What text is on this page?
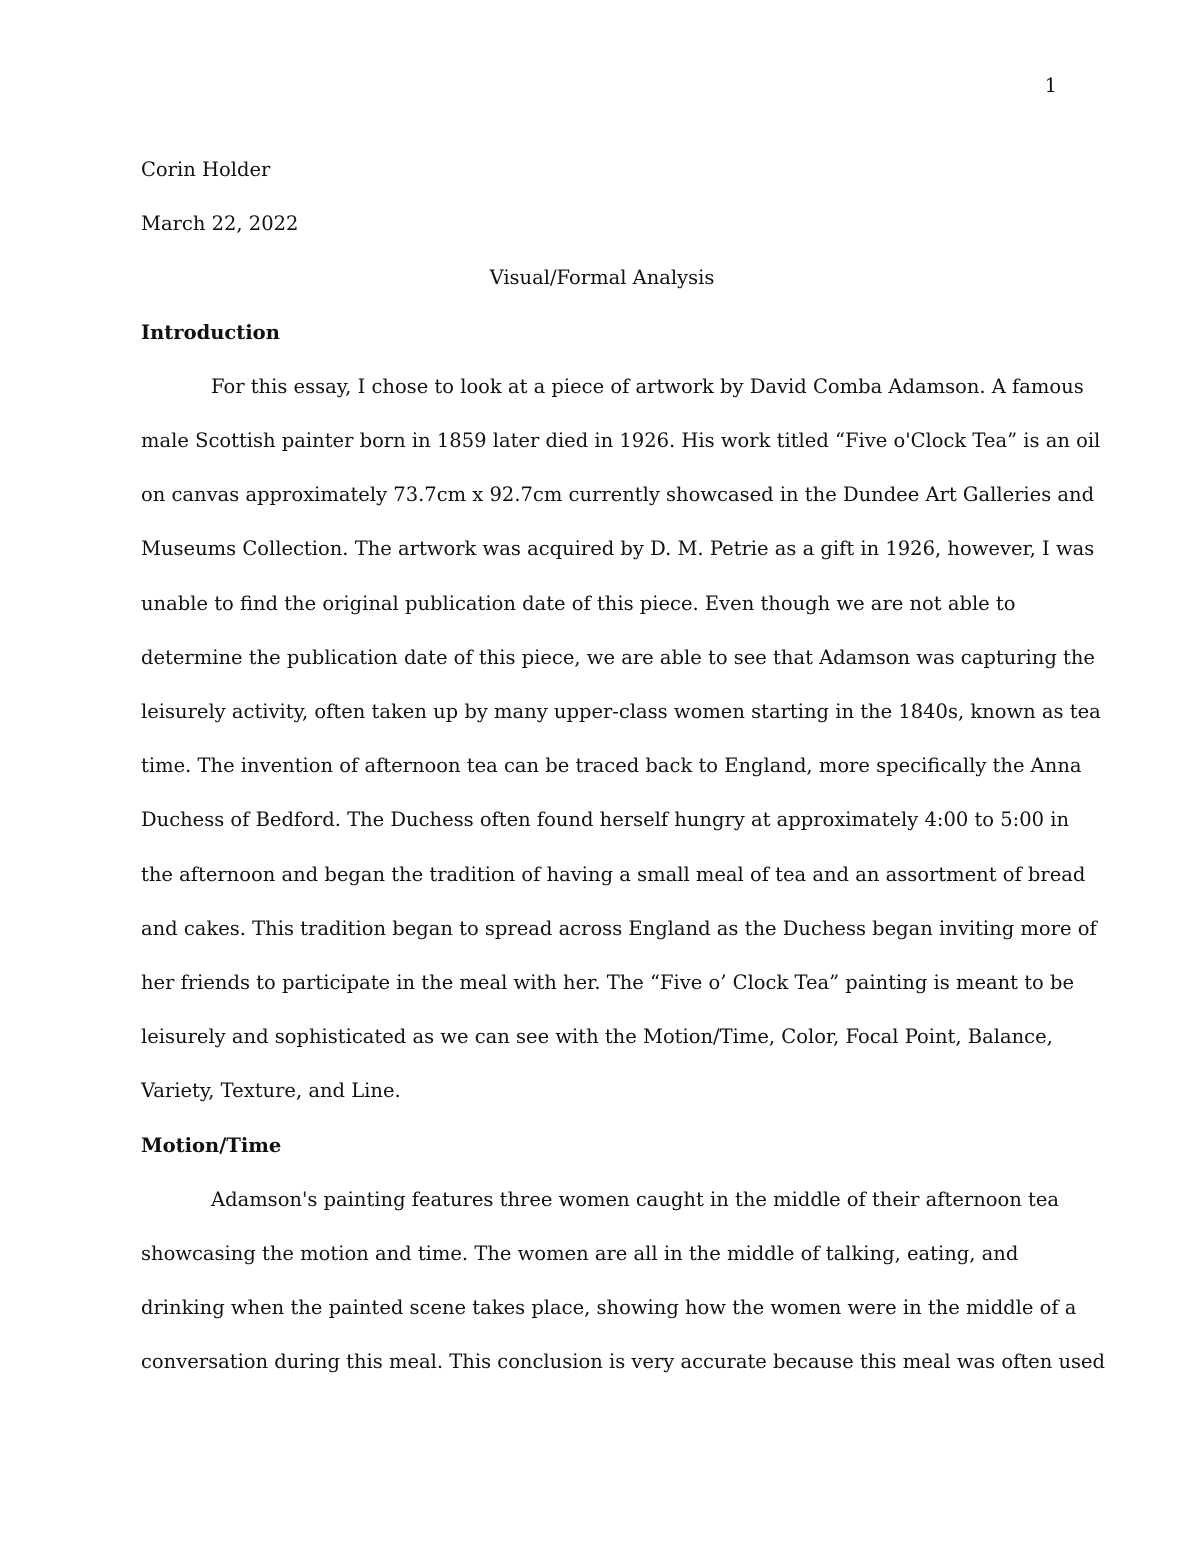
1

Corin Holder

March 22, 2022

Visual/Formal Analysis

Introduction

For this essay, I chose to look at a piece of artwork by David Comba Adamson. A famous
male Scottish painter born in 1859 later died in 1926. His work titled “Five o'Clock Tea” is an oil
on canvas approximately 73.7cm x 92.7cm currently showcased in the Dundee Art Galleries and
Museums Collection. The artwork was acquired by D. M. Petrie as a gift in 1926, however, I was
unable to find the original publication date of this piece. Even though we are not able to
determine the publication date of this piece, we are able to see that Adamson was capturing the
leisurely activity, often taken up by many upper-class women starting in the 1840s, known as tea
time. The invention of afternoon tea can be traced back to England, more specifically the Anna
Duchess of Bedford. The Duchess often found herself hungry at approximately 4:00 to 5:00 in
the afternoon and began the tradition of having a small meal of tea and an assortment of bread
and cakes. This tradition began to spread across England as the Duchess began inviting more of
her friends to participate in the meal with her. The “Five o’ Clock Tea” painting is meant to be
leisurely and sophisticated as we can see with the Motion/Time, Color, Focal Point, Balance,
Variety, Texture, and Line.

Motion/Time

Adamson's painting features three women caught in the middle of their afternoon tea
showcasing the motion and time. The women are all in the middle of talking, eating, and
drinking when the painted scene takes place, showing how the women were in the middle of a
conversation during this meal. This conclusion is very accurate because this meal was often used
